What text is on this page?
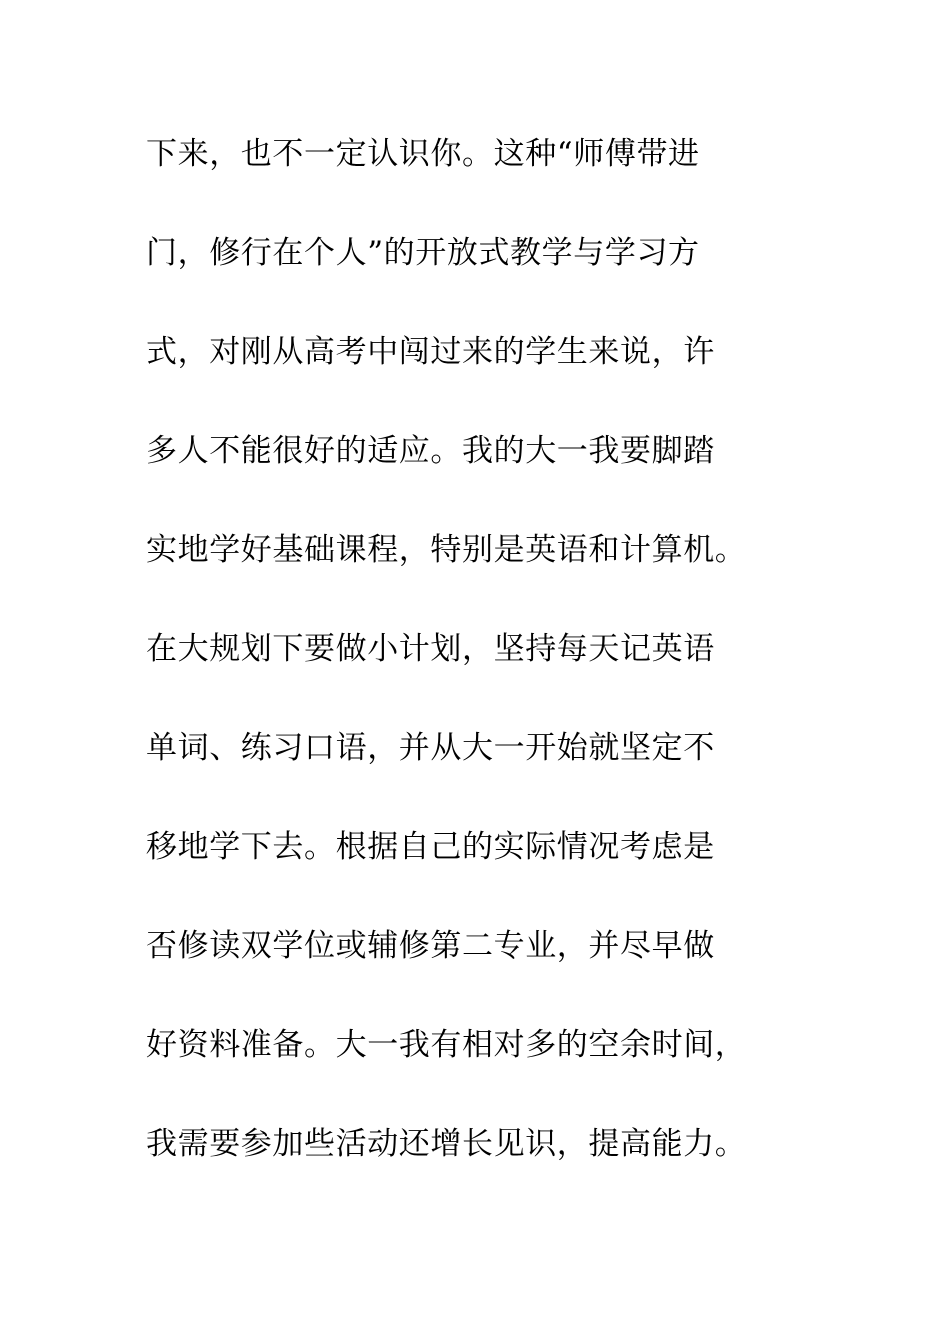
下来，也不一定认识你。这种“师傅带进
门，修行在个人”的开放式教学与学习方
式，对刚从高考中闯过来的学生来说，许
多人不能很好的适应。我的大一我要脚踏
实地学好基础课程，特别是英语和计算机。
在大规划下要做小计划，坚持每天记英语
单词、练习口语，并从大一开始就坚定不
移地学下去。根据自己的实际情况考虑是
否修读双学位或辅修第二专业，并尽早做
好资料准备。大一我有相对多的空余时间，
我需要参加些活动还增长见识，提高能力。
